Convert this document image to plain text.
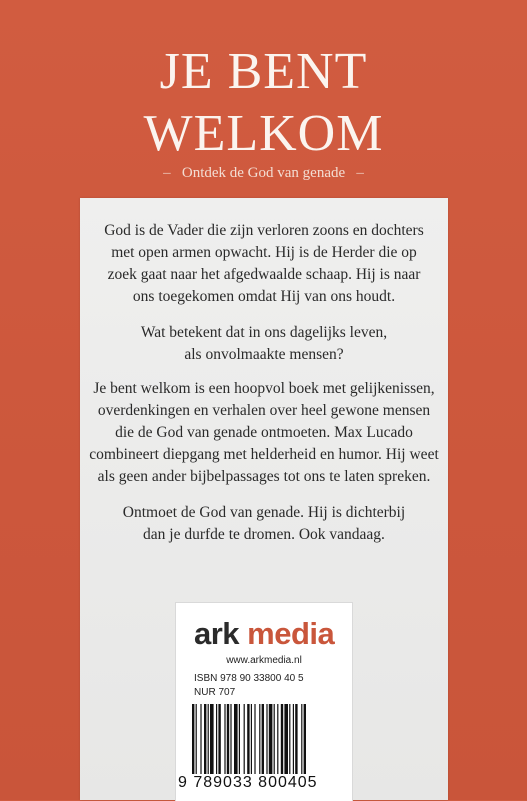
JE BENT
WELKOM
– Ontdek de God van genade –
God is de Vader die zijn verloren zoons en dochters
met open armen opwacht. Hij is de Herder die op
zoek gaat naar het afgedwaalde schaap. Hij is naar
ons toegekomen omdat Hij van ons houdt.
Wat betekent dat in ons dagelijks leven,
als onvolmaakte mensen?
Je bent welkom is een hoopvol boek met gelijkenissen,
overdenkingen en verhalen over heel gewone mensen
die de God van genade ontmoeten. Max Lucado
combineert diepgang met helderheid en humor. Hij weet
als geen ander bijbelpassages tot ons te laten spreken.
Ontmoet de God van genade. Hij is dichterbij
dan je durfde te dromen. Ook vandaag.
ark media
www.arkmedia.nl
ISBN 978 90 33800 40 5
NUR 707
9 789033 800405
